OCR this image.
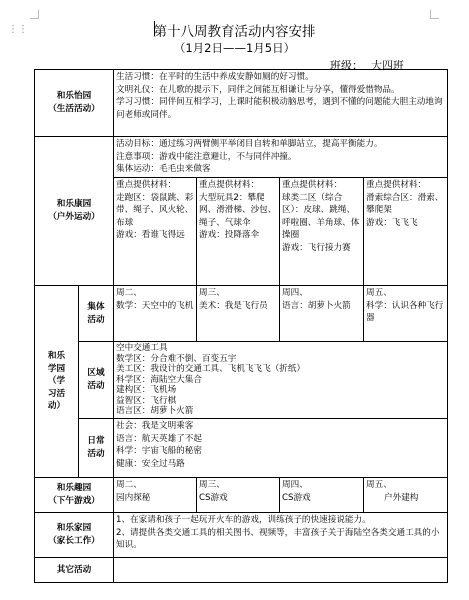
⋮⋮	第十八周教育活动内容安排
（1月2日——1月5日）
班级： 大四班
和乐怡园
（生活活动）
生活习惯：在平时的生活中养成安静如厕的好习惯。
文明礼仪：在儿歌的提示下，同伴之间能互相谦让与分享，懂得爱惜物品。
学习习惯：同伴间互相学习，上课时能积极动脑思考，遇到不懂的问题能大胆主动地询问老师或同伴。
和乐康园
（户外运动）
活动目标：通过练习两臂侧平举闭目自转和单脚站立，提高平衡能力。
注意事项：游戏中能注意避让，不与同伴冲撞。
集体运动：毛毛虫来做客
重点提供材料：
走跑区：袋鼠跳、彩带、绳子、风火轮、布球
游戏：看谁飞得远
重点提供材料：
大型玩具2：攀爬网、滑滑梯、沙包、绳子、气球伞
游戏：投降落伞
重点提供材料：
球类二区（综合区）：皮球、跳绳、呼啦圈、羊角球、体操圈
游戏：飞行接力赛
重点提供材料：
滑索综合区：滑索、攀爬架
游戏：飞飞飞
和乐
学园
（学
习活
动）
集体
活动
周二、
数学：天空中的飞机
周三、
美术：我是飞行员
周四、
语言：胡萝卜火箭
周五、
科学：认识各种飞行器
区域
活动
空中交通工具
数学区：分合难不倒、百变五宇
美工区：我设计的交通工具、飞机飞飞飞（折纸）
科学区：海陆空大集合
建构区：飞机场
益智区：飞行棋
语言区：胡萝卜火箭
日常
活动
社会：我是文明乘客
语言：航天英雄了不起
科学：宇宙飞船的秘密
健康：安全过马路
和乐趣园
（下午游戏）
周二、
园内探秘
周三、
CS游戏
周四、
CS游戏
周五、
户外建构
和乐家园
（家长工作）
1、在家请和孩子一起玩开火车的游戏，训练孩子的快速接说能力。
2、请提供各类交通工具的相关图书、视频等，丰富孩子关于海陆空各类交通工具的小知识。
其它活动
